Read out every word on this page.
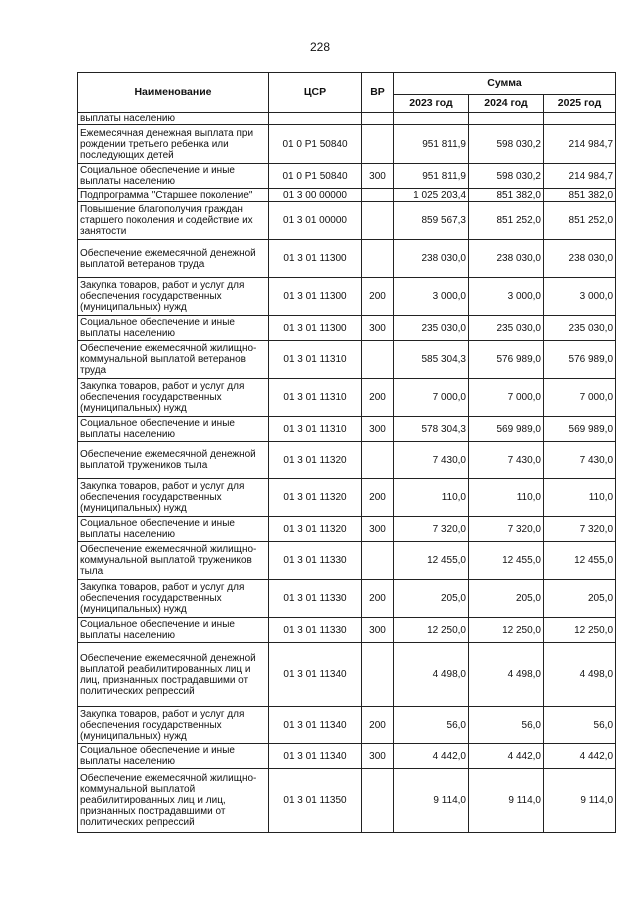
228
Наименование	ЦСР	ВР	Сумма		
			2023 год	2024 год	2025 год
выплаты населению					
Ежемесячная денежная выплата при рождении третьего ребенка или последующих детей	01 0 P1 50840		951 811,9	598 030,2	214 984,7
Социальное обеспечение и иные выплаты населению	01 0 P1 50840	300	951 811,9	598 030,2	214 984,7
Подпрограмма "Старшее поколение"	01 3 00 00000		1 025 203,4	851 382,0	851 382,0
Повышение благополучия граждан старшего поколения и содействие их занятости	01 3 01 00000		859 567,3	851 252,0	851 252,0
Обеспечение ежемесячной денежной выплатой ветеранов труда	01 3 01 11300		238 030,0	238 030,0	238 030,0
Закупка товаров, работ и услуг для обеспечения государственных (муниципальных) нужд	01 3 01 11300	200	3 000,0	3 000,0	3 000,0
Социальное обеспечение и иные выплаты населению	01 3 01 11300	300	235 030,0	235 030,0	235 030,0
Обеспечение ежемесячной жилищно-коммунальной выплатой ветеранов труда	01 3 01 11310		585 304,3	576 989,0	576 989,0
Закупка товаров, работ и услуг для обеспечения государственных (муниципальных) нужд	01 3 01 11310	200	7 000,0	7 000,0	7 000,0
Социальное обеспечение и иные выплаты населению	01 3 01 11310	300	578 304,3	569 989,0	569 989,0
Обеспечение ежемесячной денежной выплатой тружеников тыла	01 3 01 11320		7 430,0	7 430,0	7 430,0
Закупка товаров, работ и услуг для обеспечения государственных (муниципальных) нужд	01 3 01 11320	200	110,0	110,0	110,0
Социальное обеспечение и иные выплаты населению	01 3 01 11320	300	7 320,0	7 320,0	7 320,0
Обеспечение ежемесячной жилищно-коммунальной выплатой тружеников тыла	01 3 01 11330		12 455,0	12 455,0	12 455,0
Закупка товаров, работ и услуг для обеспечения государственных (муниципальных) нужд	01 3 01 11330	200	205,0	205,0	205,0
Социальное обеспечение и иные выплаты населению	01 3 01 11330	300	12 250,0	12 250,0	12 250,0
Обеспечение ежемесячной денежной выплатой реабилитированных лиц и лиц, признанных пострадавшими от политических репрессий	01 3 01 11340		4 498,0	4 498,0	4 498,0
Закупка товаров, работ и услуг для обеспечения государственных (муниципальных) нужд	01 3 01 11340	200	56,0	56,0	56,0
Социальное обеспечение и иные выплаты населению	01 3 01 11340	300	4 442,0	4 442,0	4 442,0
Обеспечение ежемесячной жилищно-коммунальной выплатой реабилитированных лиц и лиц, признанных пострадавшими от политических репрессий	01 3 01 11350		9 114,0	9 114,0	9 114,0
